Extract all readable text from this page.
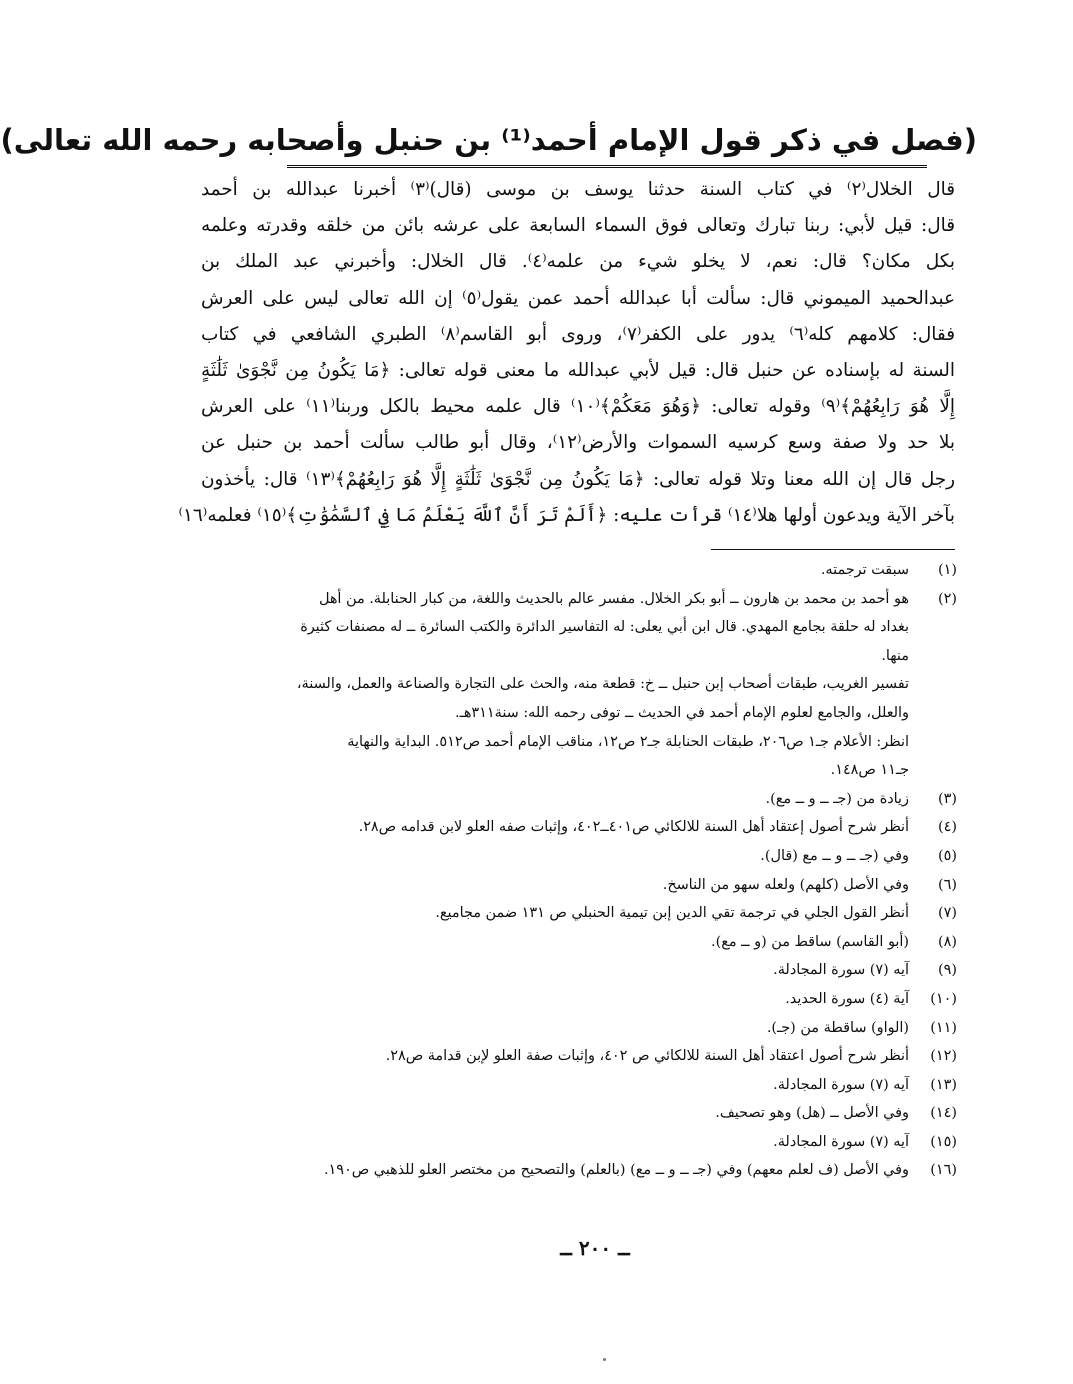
(فصل في ذكر قول الإمام أحمد⁽¹⁾ بن حنبل وأصحابه رحمه الله تعالى)
قال الخلال⁽٢⁾ في كتاب السنة حدثنا يوسف بن موسى (قال)⁽٣⁾ أخبرنا عبدالله بن أحمد
قال: قيل لأبي: ربنا تبارك وتعالى فوق السماء السابعة على عرشه بائن من خلقه وقدرته وعلمه
بكل مكان؟ قال: نعم، لا يخلو شيء من علمه⁽٤⁾. قال الخلال: وأخبرني عبد الملك بن
عبدالحميد الميموني قال: سألت أبا عبدالله أحمد عمن يقول⁽٥⁾ إن الله تعالى ليس على العرش
فقال: كلامهم كله⁽٦⁾ يدور على الكفر⁽٧⁾، وروى أبو القاسم⁽٨⁾ الطبري الشافعي في كتاب
السنة له بإسناده عن حنبل قال: قيل لأبي عبدالله ما معنى قوله تعالى: ﴿مَا يَكُونُ مِن نَّجْوَىٰ ثَلَٰثَةٍ
إِلَّا هُوَ رَابِعُهُمْ﴾⁽٩⁾ وقوله تعالى: ﴿وَهُوَ مَعَكُمْ﴾⁽١٠⁾ قال علمه محيط بالكل وربنا⁽١١⁾ على العرش
بلا حد ولا صفة وسع كرسيه السموات والأرض⁽١٢⁾، وقال أبو طالب سألت أحمد بن حنبل عن
رجل قال إن الله معنا وتلا قوله تعالى: ﴿مَا يَكُونُ مِن نَّجْوَىٰ ثَلَٰثَةٍ إِلَّا هُوَ رَابِعُهُمْ﴾⁽١٣⁾ قال: يأخذون
بآخر الآية ويدعون أولها هلا⁽١٤⁾ قرأت عليه: ﴿أَلَمْ تَرَ أَنَّ ٱللَّهَ يَعْلَمُ مَا فِي ٱلسَّمَٰوَٰتِ﴾⁽١٥⁾ فعلمه⁽١٦⁾
(١)
سبقت ترجمته.
(٢)
هو أحمد بن محمد بن هارون ــ أبو بكر الخلال. مفسر عالم بالحديث واللغة، من كبار الحنابلة. من أهل
بغداد له حلقة بجامع المهدي. قال ابن أبي يعلى: له التفاسير الدائرة والكتب السائرة ــ له مصنفات كثيرة
منها.
تفسير الغريب، طبقات أصحاب إبن حنبل ــ خ: قطعة منه، والحث على التجارة والصناعة والعمل، والسنة،
والعلل، والجامع لعلوم الإمام أحمد في الحديث ــ توفى رحمه الله: سنة٣١١هـ.
انظر: الأعلام جـ١ ص٢٠٦، طبقات الحنابلة جـ٢ ص١٢، مناقب الإمام أحمد ص٥١٢. البداية والنهاية
جـ١١ ص١٤٨.
(٣)
زيادة من (جـ ــ و ــ مع).
(٤)
أنظر شرح أصول إعتقاد أهل السنة للالكائي ص٤٠١ــ٤٠٢، وإثبات صفه العلو لابن قدامه ص٢٨.
(٥)
وفي (جـ ــ و ــ مع (قال).
(٦)
وفي الأصل (كلهم) ولعله سهو من الناسخ.
(٧)
أنظر القول الجلي في ترجمة تقي الدين إبن تيمية الحنبلي ص ١٣١ ضمن مجاميع.
(٨)
(أبو القاسم) ساقط من (و ــ مع).
(٩)
آيه (٧) سورة المجادلة.
(١٠)
آية (٤) سورة الحديد.
(١١)
(الواو) ساقطة من (جـ).
(١٢)
أنظر شرح أصول اعتقاد أهل السنة للالكائي ص ٤٠٢، وإثبات صفة العلو لإبن قدامة ص٢٨.
(١٣)
آيه (٧) سورة المجادلة.
(١٤)
وفي الأصل ــ (هل) وهو تصحيف.
(١٥)
آيه (٧) سورة المجادلة.
(١٦)
وفي الأصل (ف لعلم معهم) وفي (جـ ــ و ــ مع) (بالعلم) والتصحيح من مختصر العلو للذهبي ص١٩٠.
ــ ٢٠٠ ــ
